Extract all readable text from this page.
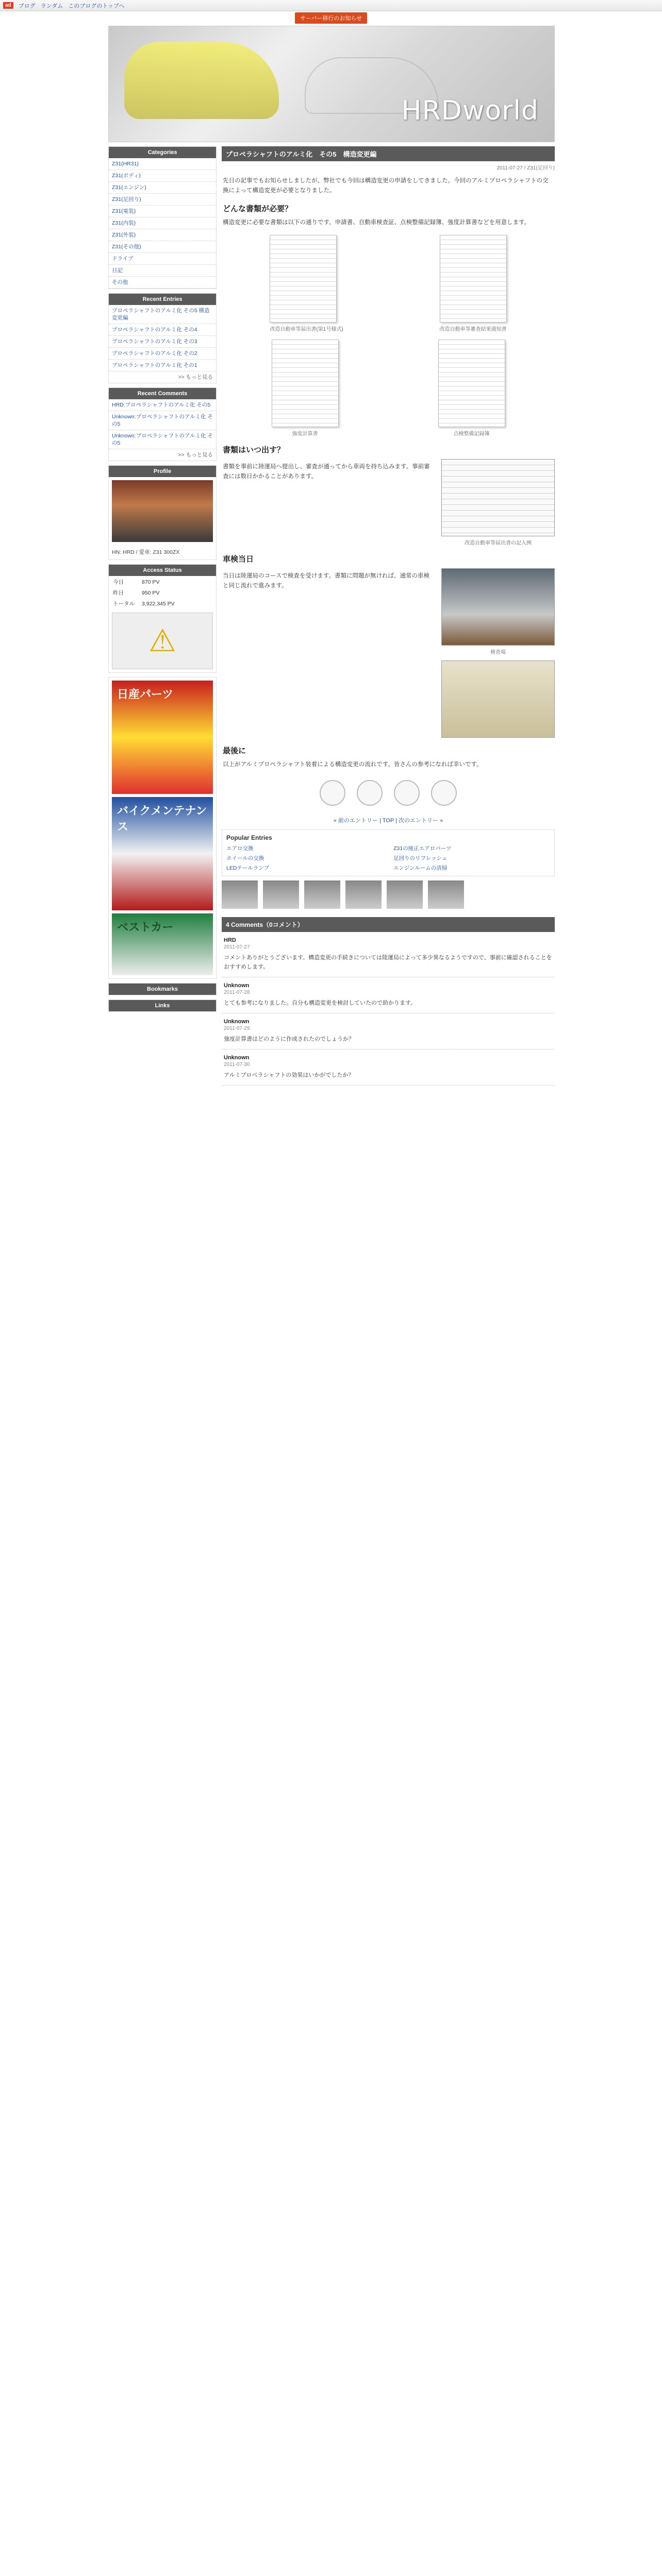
ad	ブログ ランダム このブログのトップへ
サーバー移行のお知らせ
HRDworld
Categories
Z31(HR31)
Z31(ボディ)
Z31(エンジン)
Z31(足回り)
Z31(電装)
Z31(内装)
Z31(外装)
Z31(その他)
ドライブ
日記
その他
Recent Entries
プロペラシャフトのアルミ化 その5 構造変更編
プロペラシャフトのアルミ化 その4
プロペラシャフトのアルミ化 その3
プロペラシャフトのアルミ化 その2
プロペラシャフトのアルミ化 その1
>> もっと見る
Recent Comments
HRD:プロペラシャフトのアルミ化 その5
Unknown:プロペラシャフトのアルミ化 その5
Unknown:プロペラシャフトのアルミ化 その5
>> もっと見る
Profile
HN: HRD / 愛車: Z31 300ZX
Access Status
今日	870 PV
昨日	950 PV
トータル	3,922,345 PV
⚠
日産パーツ
バイクメンテナンス
ベストカー
Bookmarks
Links
プロペラシャフトのアルミ化　その5　構造変更編
2011-07-27 / Z31(足回り)

先日の記事でもお知らせしましたが、弊社でも今回は構造変更の申請をしてきました。今回のアルミプロペラシャフトの交換によって構造変更が必要となりました。

どんな書類が必要？

構造変更に必要な書類は以下の通りです。申請書、自動車検査証、点検整備記録簿、強度計算書などを用意します。

改造自動車等届出書(第1号様式)	改造自動車等審査結果通知書
強度計算書	点検整備記録簿
書類はいつ出す？

書類を事前に陸運局へ提出し、審査が通ってから車両を持ち込みます。事前審査には数日かかることがあります。

改造自動車等届出書の記入例
車検当日

当日は陸運局のコースで検査を受けます。書類に問題が無ければ、通常の車検と同じ流れで進みます。

検査場
最後に

以上がアルミプロペラシャフト装着による構造変更の流れです。皆さんの参考になれば幸いです。

« 前のエントリー | TOP | 次のエントリー »
Popular Entries
エアロ交換	Z31の純正エアロパーツ
ホイールの交換	足回りのリフレッシュ
LEDテールランプ	エンジンルームの清掃
4 Comments（0コメント）
HRD
2011-07-27

コメントありがとうございます。構造変更の手続きについては陸運局によって多少異なるようですので、事前に確認されることをおすすめします。

Unknown
2011-07-28

とても参考になりました。自分も構造変更を検討していたので助かります。

Unknown
2011-07-29

強度計算書はどのように作成されたのでしょうか？

Unknown
2011-07-30

アルミプロペラシャフトの効果はいかがでしたか？
